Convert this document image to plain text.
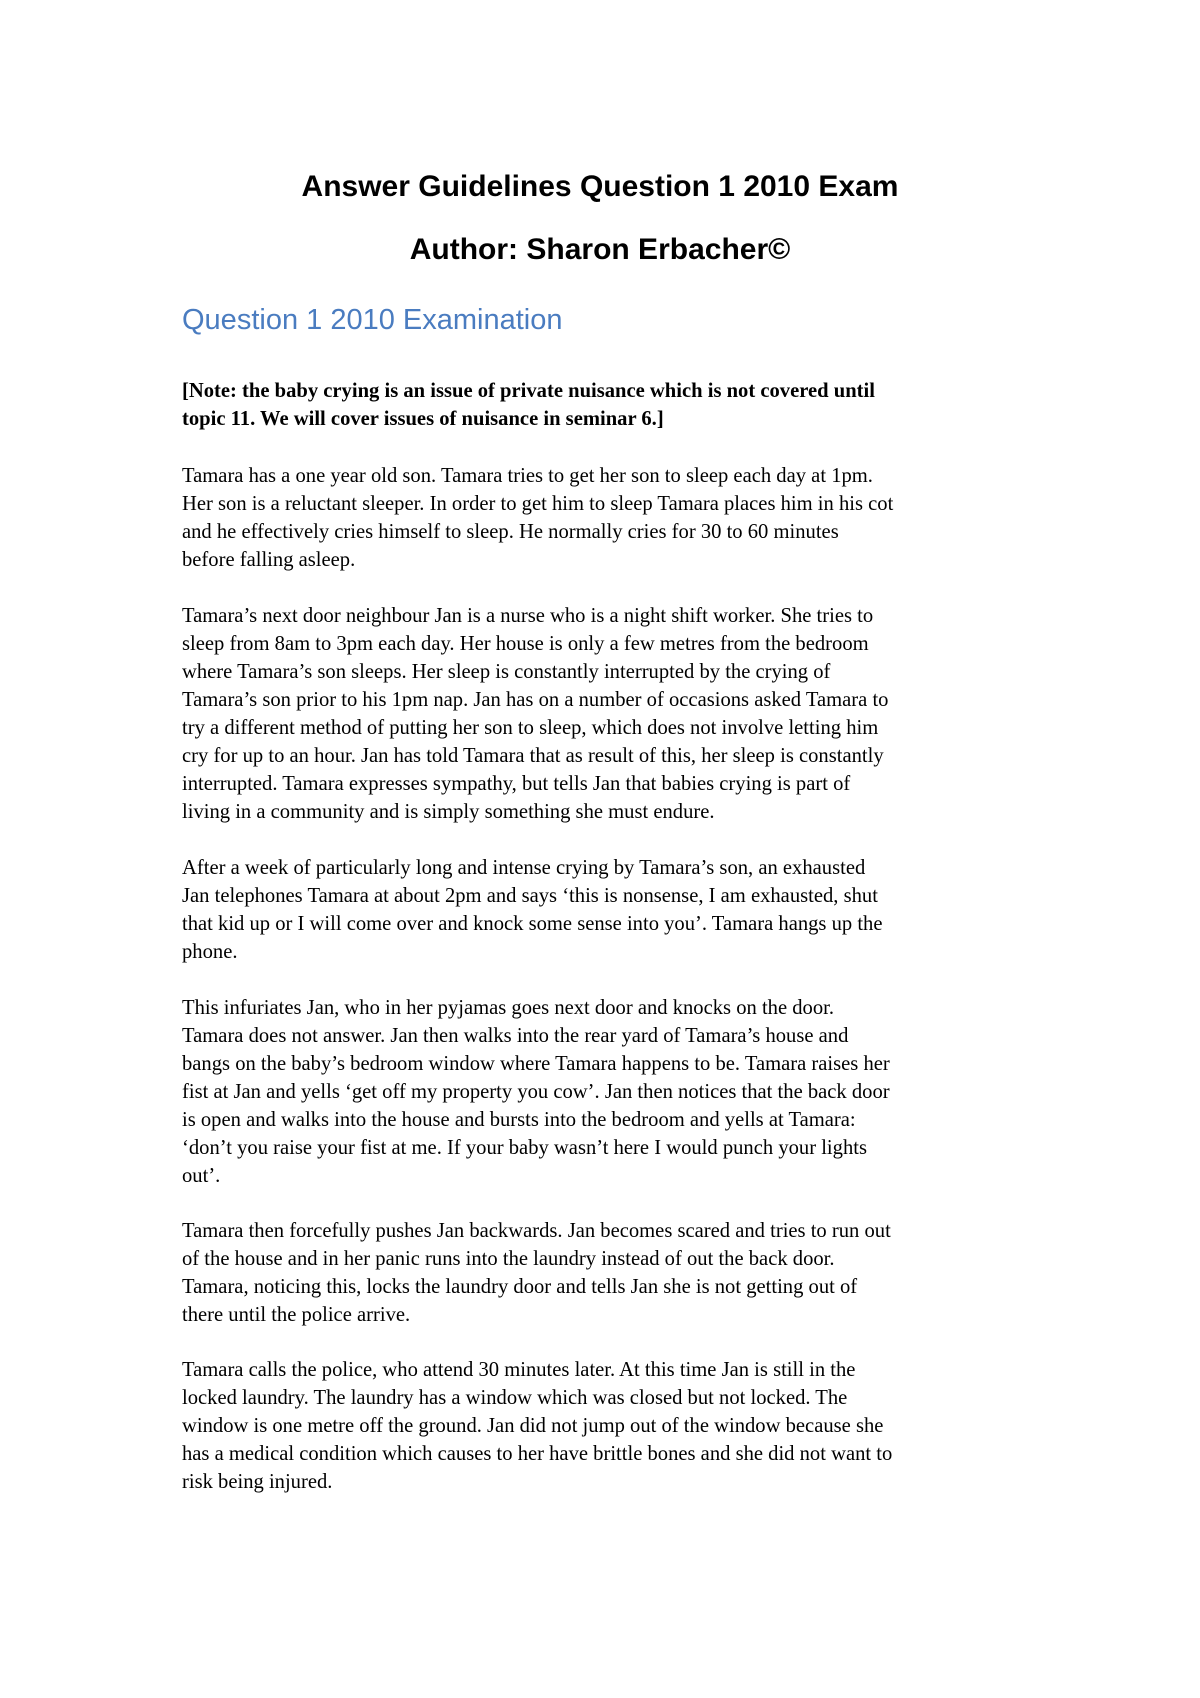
Answer Guidelines Question 1 2010 Exam
Author: Sharon Erbacher©
Question 1 2010 Examination

[Note: the baby crying is an issue of private nuisance which is not covered until
topic 11. We will cover issues of nuisance in seminar 6.]

Tamara has a one year old son. Tamara tries to get her son to sleep each day at 1pm.
Her son is a reluctant sleeper. In order to get him to sleep Tamara places him in his cot
and he effectively cries himself to sleep. He normally cries for 30 to 60 minutes
before falling asleep.

Tamara’s next door neighbour Jan is a nurse who is a night shift worker. She tries to
sleep from 8am to 3pm each day. Her house is only a few metres from the bedroom
where Tamara’s son sleeps. Her sleep is constantly interrupted by the crying of
Tamara’s son prior to his 1pm nap. Jan has on a number of occasions asked Tamara to
try a different method of putting her son to sleep, which does not involve letting him
cry for up to an hour. Jan has told Tamara that as result of this, her sleep is constantly
interrupted. Tamara expresses sympathy, but tells Jan that babies crying is part of
living in a community and is simply something she must endure.

After a week of particularly long and intense crying by Tamara’s son, an exhausted
Jan telephones Tamara at about 2pm and says ‘this is nonsense, I am exhausted, shut
that kid up or I will come over and knock some sense into you’. Tamara hangs up the
phone.

This infuriates Jan, who in her pyjamas goes next door and knocks on the door.
Tamara does not answer. Jan then walks into the rear yard of Tamara’s house and
bangs on the baby’s bedroom window where Tamara happens to be. Tamara raises her
fist at Jan and yells ‘get off my property you cow’. Jan then notices that the back door
is open and walks into the house and bursts into the bedroom and yells at Tamara:
‘don’t you raise your fist at me. If your baby wasn’t here I would punch your lights
out’.

Tamara then forcefully pushes Jan backwards. Jan becomes scared and tries to run out
of the house and in her panic runs into the laundry instead of out the back door.
Tamara, noticing this, locks the laundry door and tells Jan she is not getting out of
there until the police arrive.

Tamara calls the police, who attend 30 minutes later. At this time Jan is still in the
locked laundry. The laundry has a window which was closed but not locked. The
window is one metre off the ground. Jan did not jump out of the window because she
has a medical condition which causes to her have brittle bones and she did not want to
risk being injured.
